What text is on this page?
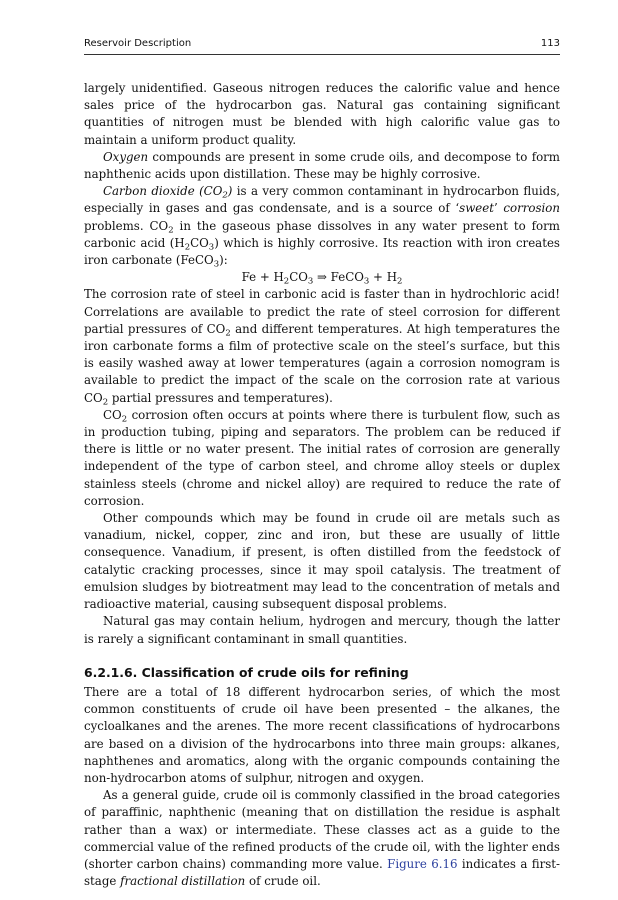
Reservoir Description	113

largely unidentified. Gaseous nitrogen reduces the calorific value and hence sales price of the hydrocarbon gas. Natural gas containing significant quantities of nitrogen must be blended with high calorific value gas to maintain a uniform product quality.

Oxygen compounds are present in some crude oils, and decompose to form naphthenic acids upon distillation. These may be highly corrosive.

Carbon dioxide $(CO_2)$ is a very common contaminant in hydrocarbon fluids, especially in gases and gas condensate, and is a source of ‘sweet’ corrosion problems. $CO_2$ in the gaseous phase dissolves in any water present to form carbonic acid $(H_2CO_3)$ which is highly corrosive. Its reaction with iron creates iron carbonate (FeCO$_3$):

$Fe + H_2CO_3$ ⇒ FeCO$_3$ + $H_2$

The corrosion rate of steel in carbonic acid is faster than in hydrochloric acid! Correlations are available to predict the rate of steel corrosion for different partial pressures of $CO_2$ and different temperatures. At high temperatures the iron carbonate forms a film of protective scale on the steel’s surface, but this is easily washed away at lower temperatures (again a corrosion nomogram is available to predict the impact of the scale on the corrosion rate at various $CO_2$ partial pressures and temperatures).

$CO_2$ corrosion often occurs at points where there is turbulent flow, such as in production tubing, piping and separators. The problem can be reduced if there is little or no water present. The initial rates of corrosion are generally independent of the type of carbon steel, and chrome alloy steels or duplex stainless steels (chrome and nickel alloy) are required to reduce the rate of corrosion.

Other compounds which may be found in crude oil are metals such as vanadium, nickel, copper, zinc and iron, but these are usually of little consequence. Vanadium, if present, is often distilled from the feedstock of catalytic cracking processes, since it may spoil catalysis. The treatment of emulsion sludges by biotreatment may lead to the concentration of metals and radioactive material, causing subsequent disposal problems.

Natural gas may contain helium, hydrogen and mercury, though the latter is rarely a significant contaminant in small quantities.

6.2.1.6. Classification of crude oils for refining

There are a total of 18 different hydrocarbon series, of which the most common constituents of crude oil have been presented – the alkanes, the cycloalkanes and the arenes. The more recent classifications of hydrocarbons are based on a division of the hydrocarbons into three main groups: alkanes, naphthenes and aromatics, along with the organic compounds containing the non-hydrocarbon atoms of sulphur, nitrogen and oxygen.

As a general guide, crude oil is commonly classified in the broad categories of paraffinic, naphthenic (meaning that on distillation the residue is asphalt rather than a wax) or intermediate. These classes act as a guide to the commercial value of the refined products of the crude oil, with the lighter ends (shorter carbon chains) commanding more value. Figure 6.16 indicates a first-stage fractional distillation of crude oil.
